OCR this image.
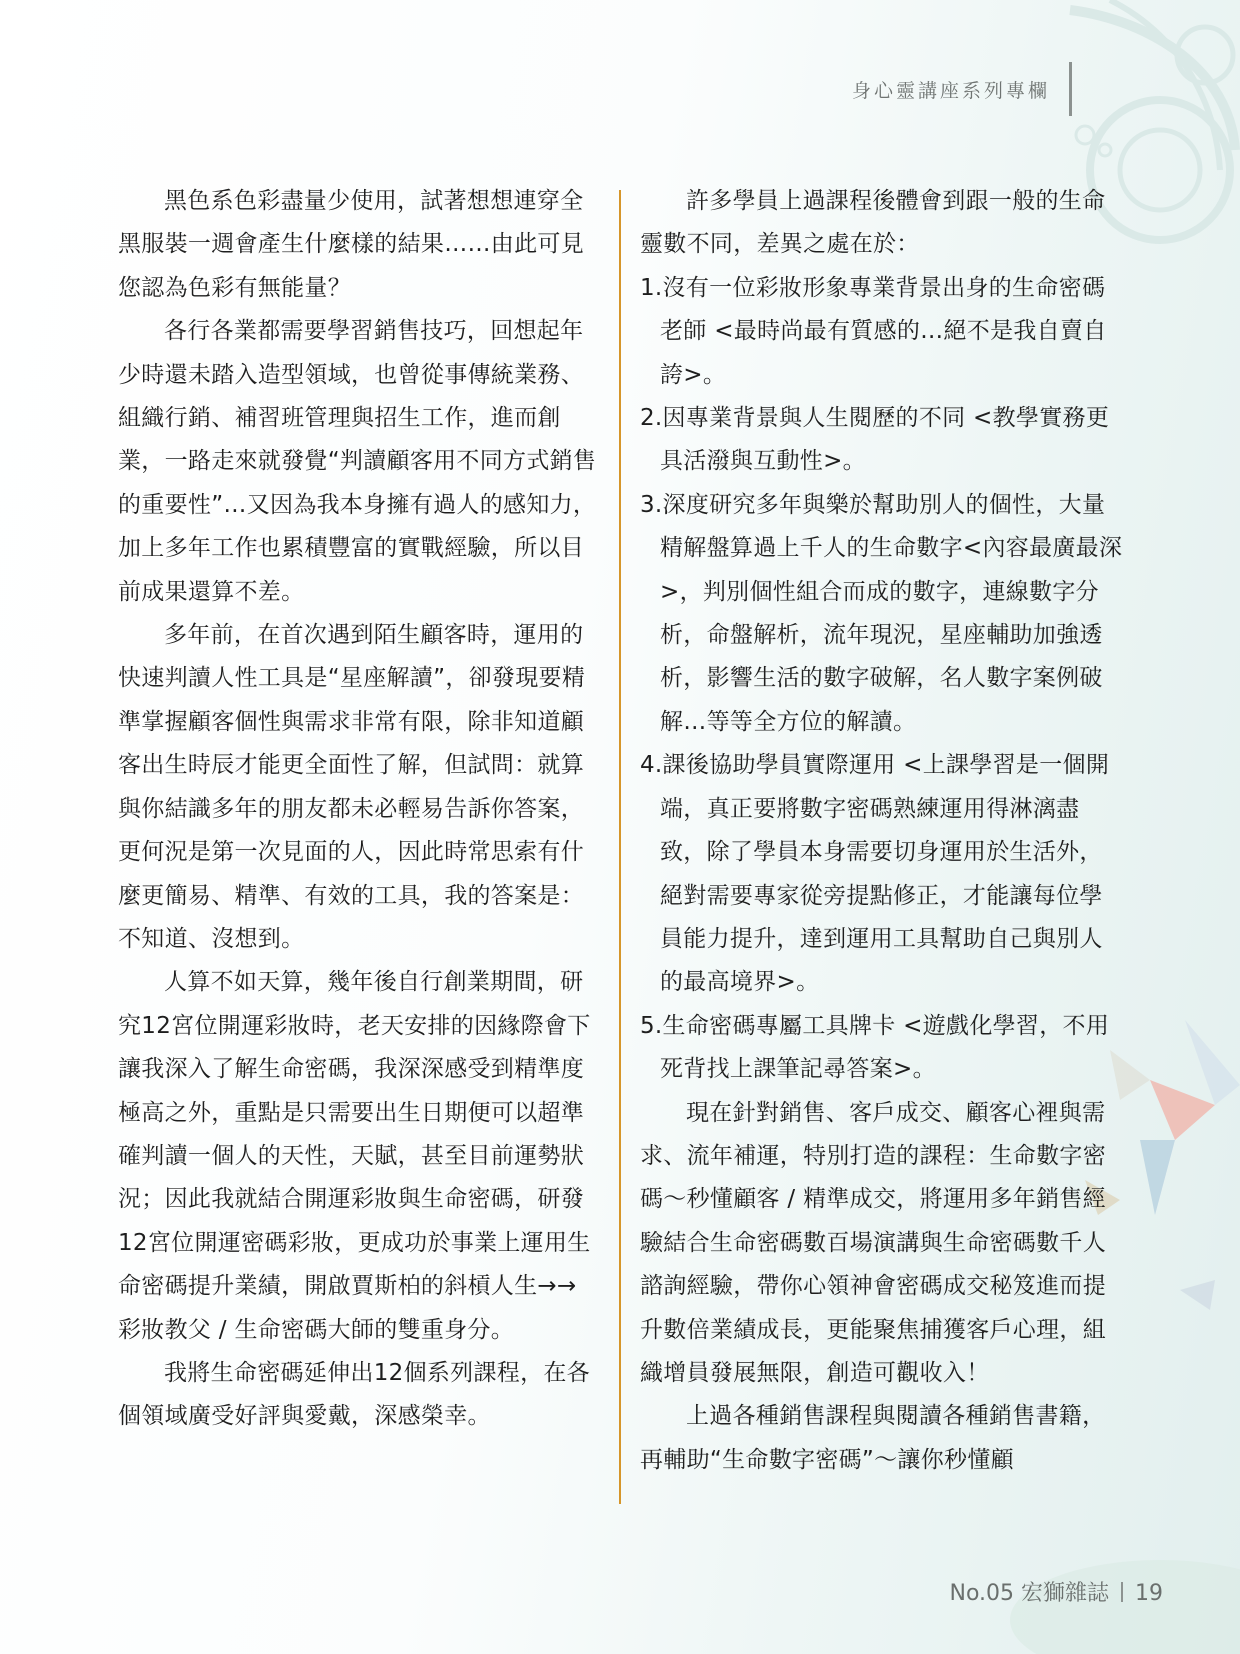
身心靈講座系列專欄

黑色系色彩盡量少使用，試著想想連穿全黑服裝一週會產生什麼樣的結果……由此可見您認為色彩有無能量？

各行各業都需要學習銷售技巧，回想起年少時還未踏入造型領域，也曾從事傳統業務、組織行銷、補習班管理與招生工作，進而創業，一路走來就發覺“判讀顧客用不同方式銷售的重要性”…又因為我本身擁有過人的感知力，加上多年工作也累積豐富的實戰經驗，所以目前成果還算不差。

多年前，在首次遇到陌生顧客時，運用的快速判讀人性工具是“星座解讀”，卻發現要精準掌握顧客個性與需求非常有限，除非知道顧客出生時辰才能更全面性了解，但試問：就算與你結識多年的朋友都未必輕易告訴你答案，更何況是第一次見面的人，因此時常思索有什麼更簡易、精準、有效的工具，我的答案是：不知道、沒想到。

人算不如天算，幾年後自行創業期間，研究12宮位開運彩妝時，老天安排的因緣際會下讓我深入了解生命密碼，我深深感受到精準度極高之外，重點是只需要出生日期便可以超準確判讀一個人的天性，天賦，甚至目前運勢狀況；因此我就結合開運彩妝與生命密碼，研發12宮位開運密碼彩妝，更成功於事業上運用生命密碼提升業績，開啟賈斯柏的斜槓人生→→彩妝教父 / 生命密碼大師的雙重身分。

我將生命密碼延伸出12個系列課程，在各個領域廣受好評與愛戴，深感榮幸。

許多學員上過課程後體會到跟一般的生命靈數不同，差異之處在於：

1.沒有一位彩妝形象專業背景出身的生命密碼老師 <最時尚最有質感的…絕不是我自賣自誇>。

2.因專業背景與人生閱歷的不同 <教學實務更具活潑與互動性>。

3.深度研究多年與樂於幫助別人的個性，大量精解盤算過上千人的生命數字<內容最廣最深>，判別個性組合而成的數字，連線數字分析，命盤解析，流年現況，星座輔助加強透析，影響生活的數字破解，名人數字案例破解…等等全方位的解讀。

4.課後協助學員實際運用 <上課學習是一個開端，真正要將數字密碼熟練運用得淋漓盡致，除了學員本身需要切身運用於生活外，絕對需要專家從旁提點修正，才能讓每位學員能力提升，達到運用工具幫助自己與別人的最高境界>。

5.生命密碼專屬工具牌卡 <遊戲化學習，不用死背找上課筆記尋答案>。

現在針對銷售、客戶成交、顧客心裡與需求、流年補運，特別打造的課程：生命數字密碼～秒懂顧客 / 精準成交，將運用多年銷售經驗結合生命密碼數百場演講與生命密碼數千人諮詢經驗，帶你心領神會密碼成交秘笈進而提升數倍業績成長，更能聚焦捕獲客戶心理，組織增員發展無限，創造可觀收入！

上過各種銷售課程與閱讀各種銷售書籍，再輔助“生命數字密碼”～讓你秒懂顧

No.05 宏獅雜誌 19
